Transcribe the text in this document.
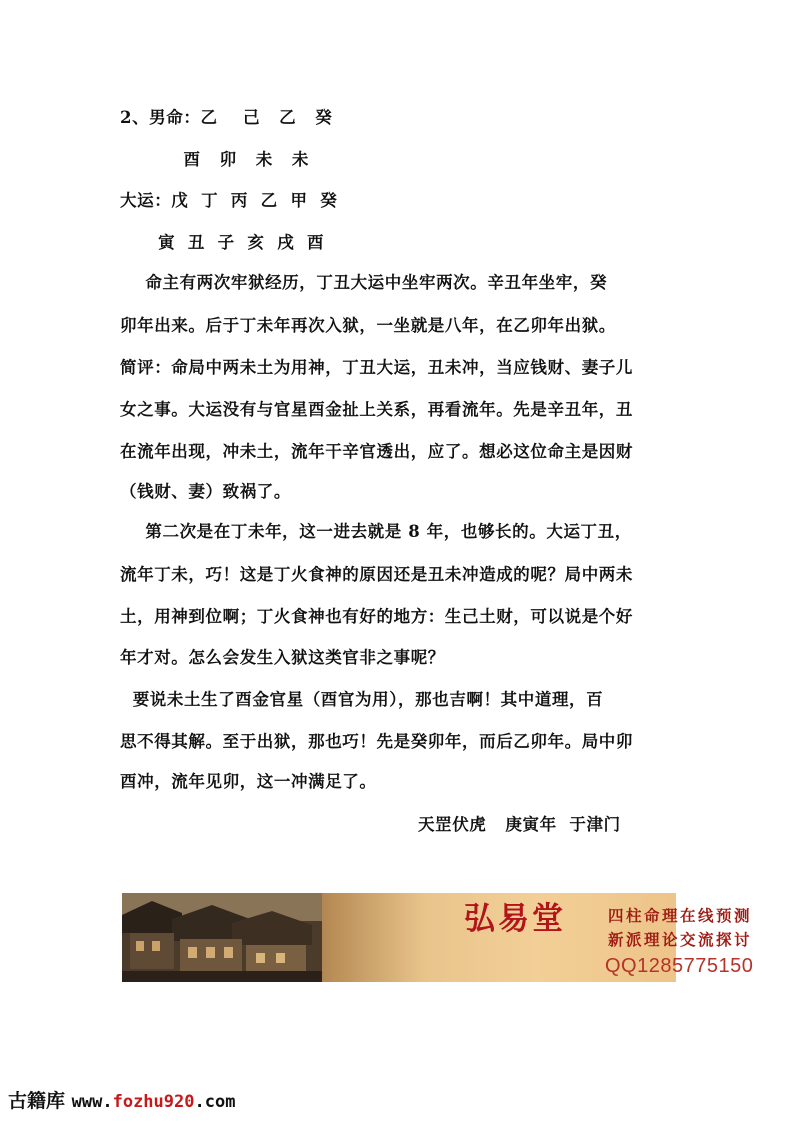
2、男命：乙    己   乙   癸
酉   卯   未   未
大运：戊  丁  丙  乙  甲  癸
寅  丑  子  亥  戌  酉
命主有两次牢狱经历，丁丑大运中坐牢两次。辛丑年坐牢，癸
卯年出来。后于丁未年再次入狱，一坐就是八年，在乙卯年出狱。
简评：命局中两未土为用神，丁丑大运，丑未冲，当应钱财、妻子儿
女之事。大运没有与官星酉金扯上关系，再看流年。先是辛丑年，丑
在流年出现，冲未土，流年干辛官透出，应了。想必这位命主是因财
（钱财、妻）致祸了。
第二次是在丁未年，这一进去就是 8 年，也够长的。大运丁丑，
流年丁未，巧！这是丁火食神的原因还是丑未冲造成的呢？局中两未
土，用神到位啊；丁火食神也有好的地方：生己土财，可以说是个好
年才对。怎么会发生入狱这类官非之事呢？
要说未土生了酉金官星（酉官为用），那也吉啊！其中道理，百
思不得其解。至于出狱，那也巧！先是癸卯年，而后乙卯年。局中卯
酉冲，流年见卯，这一冲满足了。
天罡伏虎   庚寅年  于津门
弘易堂	四柱命理在线预测
新派理论交流探讨
QQ1285775150
古籍库 www.fozhu920.com
